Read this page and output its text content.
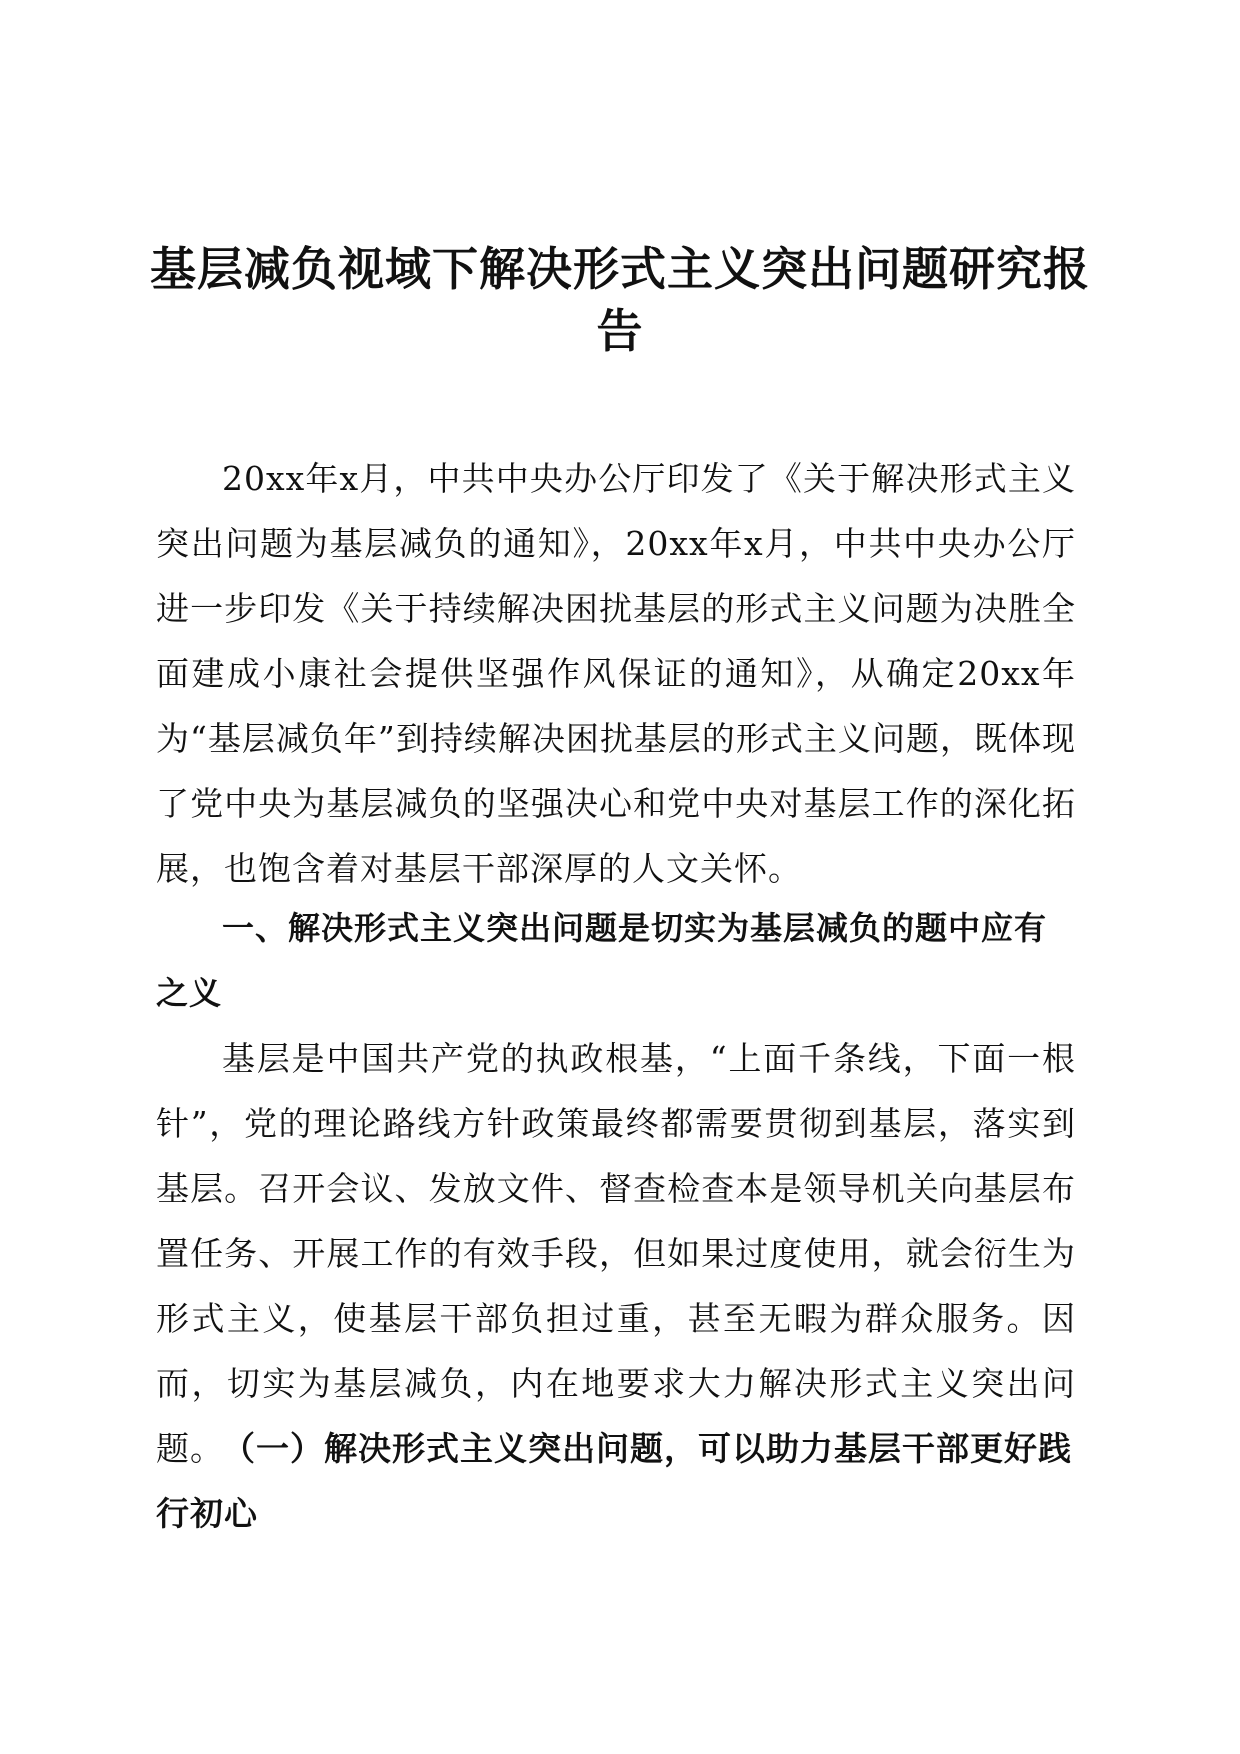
基层减负视域下解决形式主义突出问题研究报告

20xx年x月，中共中央办公厅印发了《关于解决形式主义突出问题为基层减负的通知》，20xx年x月，中共中央办公厅进一步印发《关于持续解决困扰基层的形式主义问题为决胜全面建成小康社会提供坚强作风保证的通知》，从确定20xx年为“基层减负年”到持续解决困扰基层的形式主义问题，既体现了党中央为基层减负的坚强决心和党中央对基层工作的深化拓展，也饱含着对基层干部深厚的人文关怀。

一、解决形式主义突出问题是切实为基层减负的题中应有之义

基层是中国共产党的执政根基，“上面千条线，下面一根针”，党的理论路线方针政策最终都需要贯彻到基层，落实到基层。召开会议、发放文件、督查检查本是领导机关向基层布置任务、开展工作的有效手段，但如果过度使用，就会衍生为形式主义，使基层干部负担过重，甚至无暇为群众服务。因而，切实为基层减负，内在地要求大力解决形式主义突出问题。

（一）解决形式主义突出问题，可以助力基层干部更好践行初心
